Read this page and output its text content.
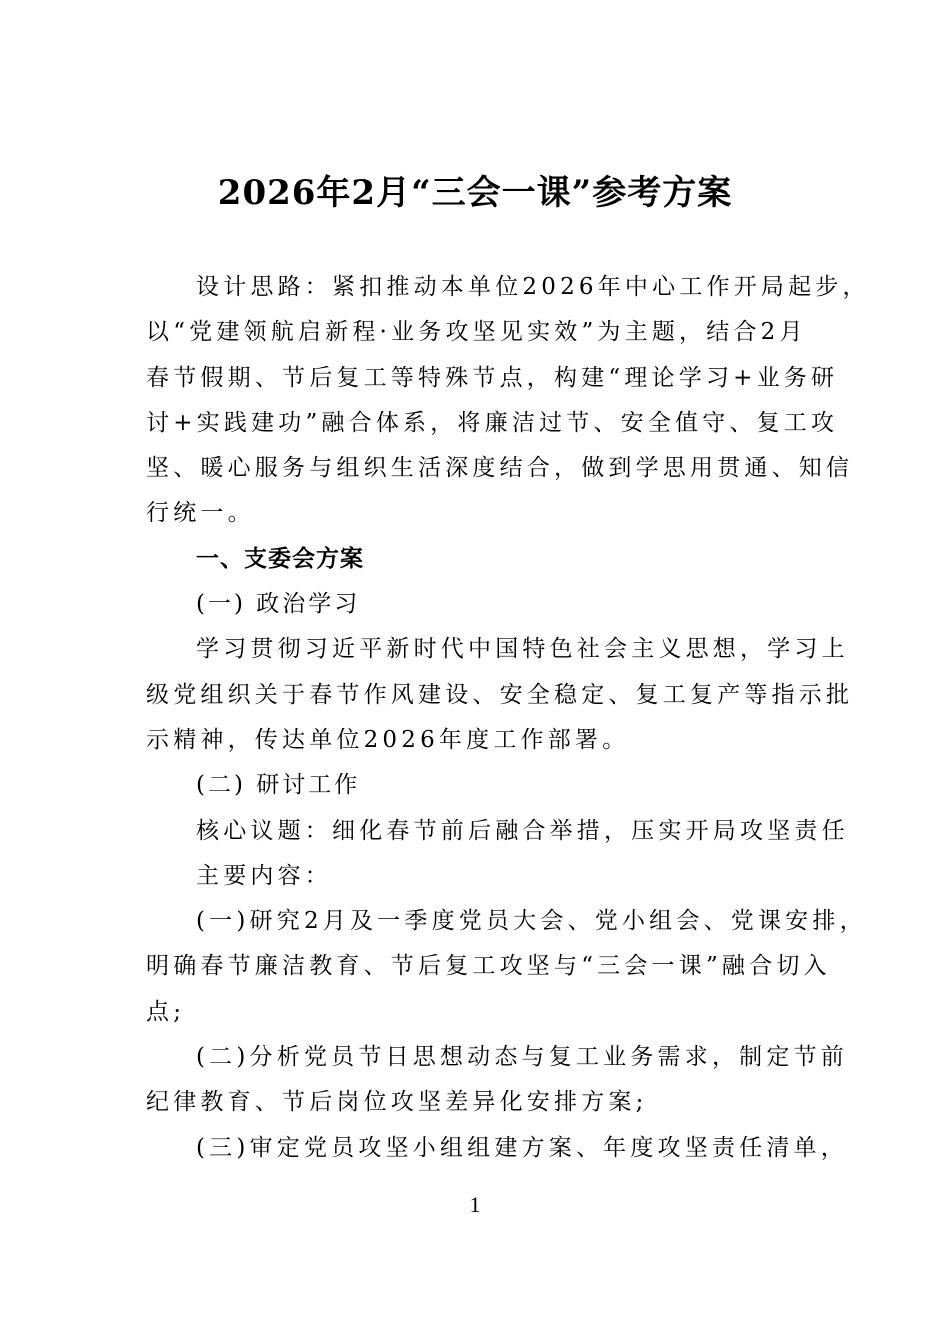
2026年2月“三会一课”参考方案
设计思路：紧扣推动本单位2026年中心工作开局起步，
以“党建领航启新程·业务攻坚见实效”为主题，结合2月
春节假期、节后复工等特殊节点，构建“理论学习+业务研
讨+实践建功”融合体系，将廉洁过节、安全值守、复工攻
坚、暖心服务与组织生活深度结合，做到学思用贯通、知信
行统一。
一、支委会方案
(一) 政治学习
学习贯彻习近平新时代中国特色社会主义思想，学习上
级党组织关于春节作风建设、安全稳定、复工复产等指示批
示精神，传达单位2026年度工作部署。
(二) 研讨工作
核心议题：细化春节前后融合举措，压实开局攻坚责任
主要内容：
(一)研究2月及一季度党员大会、党小组会、党课安排，
明确春节廉洁教育、节后复工攻坚与“三会一课”融合切入
点;
(二)分析党员节日思想动态与复工业务需求，制定节前
纪律教育、节后岗位攻坚差异化安排方案;
(三)审定党员攻坚小组组建方案、年度攻坚责任清单，
1
